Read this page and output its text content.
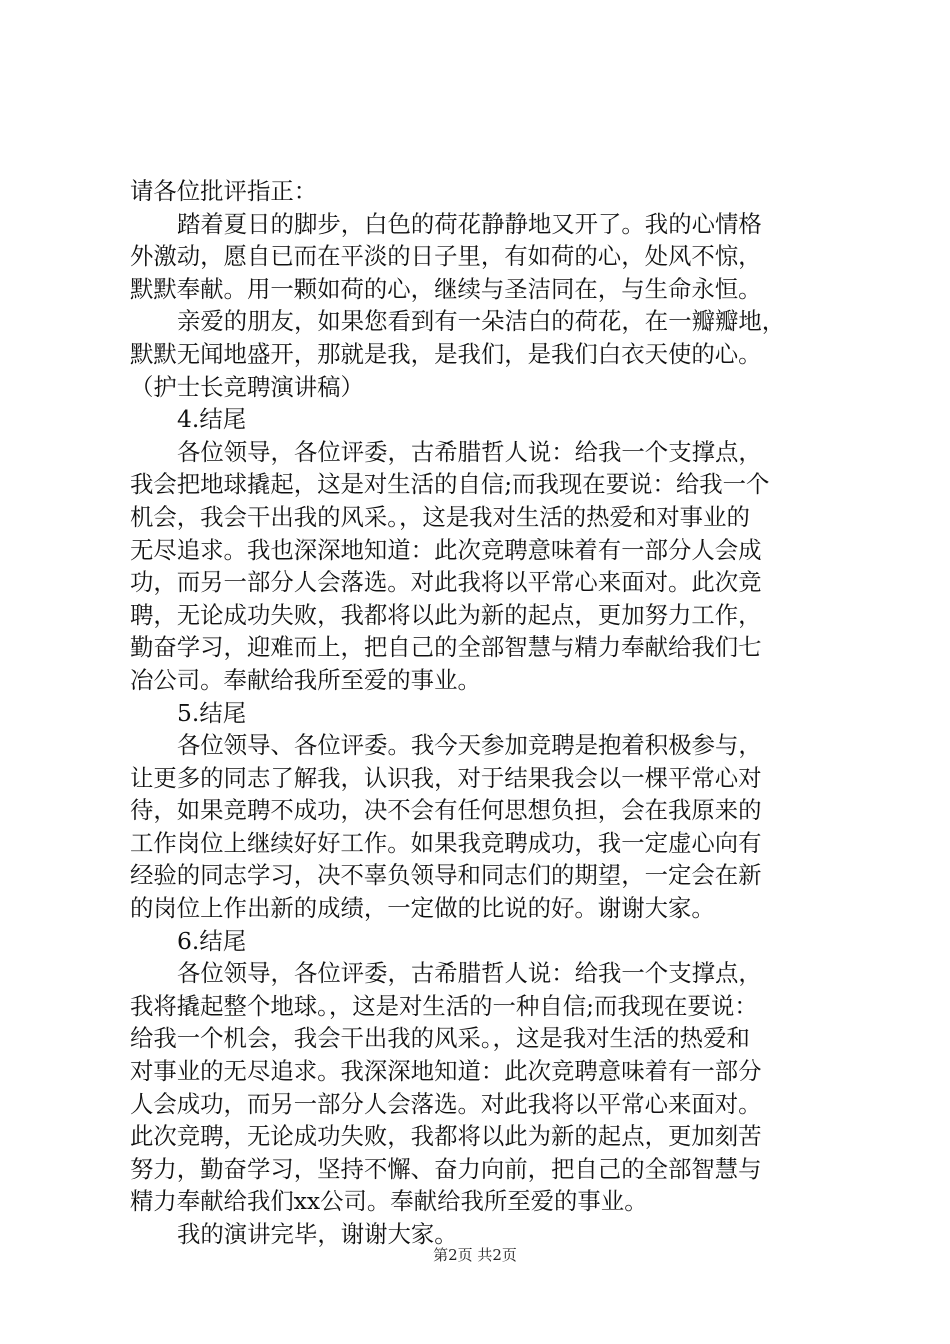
请各位批评指正：
踏着夏日的脚步，白色的荷花静静地又开了。我的心情格
外激动，愿自已而在平淡的日子里，有如荷的心，处风不惊，
默默奉献。用一颗如荷的心，继续与圣洁同在，与生命永恒。
亲爱的朋友，如果您看到有一朵洁白的荷花，在一瓣瓣地，
默默无闻地盛开，那就是我，是我们，是我们白衣天使的心。
（护士长竞聘演讲稿）
4.结尾
各位领导，各位评委，古希腊哲人说：给我一个支撑点，
我会把地球撬起，这是对生活的自信;而我现在要说：给我一个
机会，我会干出我的风采。，这是我对生活的热爱和对事业的
无尽追求。我也深深地知道：此次竞聘意味着有一部分人会成
功，而另一部分人会落选。对此我将以平常心来面对。此次竞
聘，无论成功失败，我都将以此为新的起点，更加努力工作，
勤奋学习，迎难而上，把自己的全部智慧与精力奉献给我们七
冶公司。奉献给我所至爱的事业。
5.结尾
各位领导、各位评委。我今天参加竞聘是抱着积极参与，
让更多的同志了解我，认识我，对于结果我会以一棵平常心对
待，如果竞聘不成功，决不会有任何思想负担，会在我原来的
工作岗位上继续好好工作。如果我竞聘成功，我一定虚心向有
经验的同志学习，决不辜负领导和同志们的期望，一定会在新
的岗位上作出新的成绩，一定做的比说的好。谢谢大家。
6.结尾
各位领导，各位评委，古希腊哲人说：给我一个支撑点，
我将撬起整个地球。，这是对生活的一种自信;而我现在要说：
给我一个机会，我会干出我的风采。，这是我对生活的热爱和
对事业的无尽追求。我深深地知道：此次竞聘意味着有一部分
人会成功，而另一部分人会落选。对此我将以平常心来面对。
此次竞聘，无论成功失败，我都将以此为新的起点，更加刻苦
努力，勤奋学习，坚持不懈、奋力向前，把自己的全部智慧与
精力奉献给我们xx公司。奉献给我所至爱的事业。
我的演讲完毕，谢谢大家。
第2页 共2页
